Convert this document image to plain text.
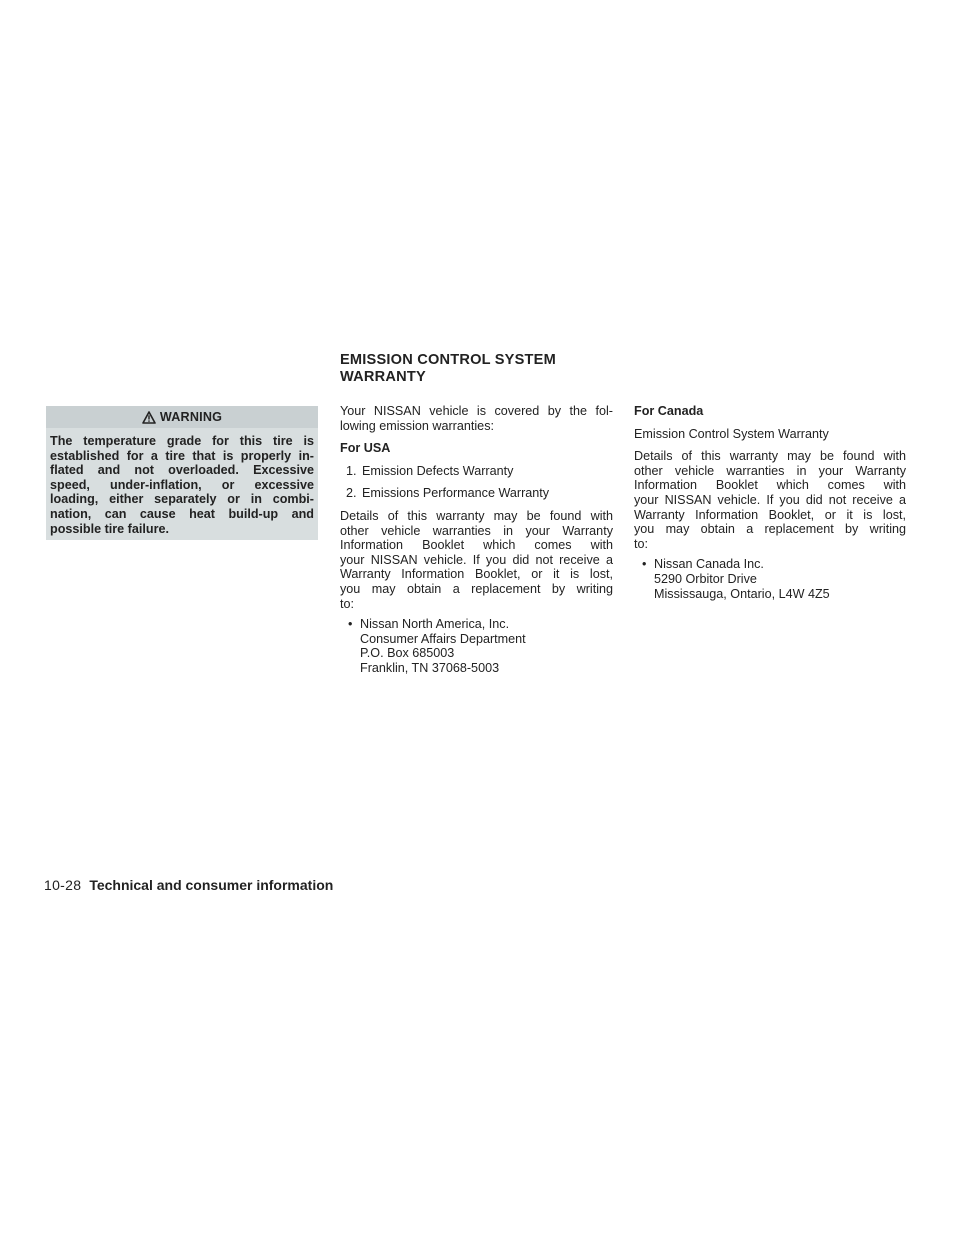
WARNING
The temperature grade for this tire is
established for a tire that is properly in-
flated and not overloaded. Excessive
speed, under-inflation, or excessive
loading, either separately or in combi-
nation, can cause heat build-up and
possible tire failure.
EMISSION CONTROL SYSTEM
WARRANTY
Your NISSAN vehicle is covered by the fol-
lowing emission warranties:
For USA
1. Emission Defects Warranty
2. Emissions Performance Warranty
Details of this warranty may be found with
other vehicle warranties in your Warranty
Information Booklet which comes with
your NISSAN vehicle. If you did not receive a
Warranty Information Booklet, or it is lost,
you may obtain a replacement by writing
to:
• Nissan North America, Inc.
Consumer Affairs Department
P.O. Box 685003
Franklin, TN 37068-5003
For Canada
Emission Control System Warranty
Details of this warranty may be found with
other vehicle warranties in your Warranty
Information Booklet which comes with
your NISSAN vehicle. If you did not receive a
Warranty Information Booklet, or it is lost,
you may obtain a replacement by writing
to:
• Nissan Canada Inc.
5290 Orbitor Drive
Mississauga, Ontario, L4W 4Z5
10-28 Technical and consumer information
